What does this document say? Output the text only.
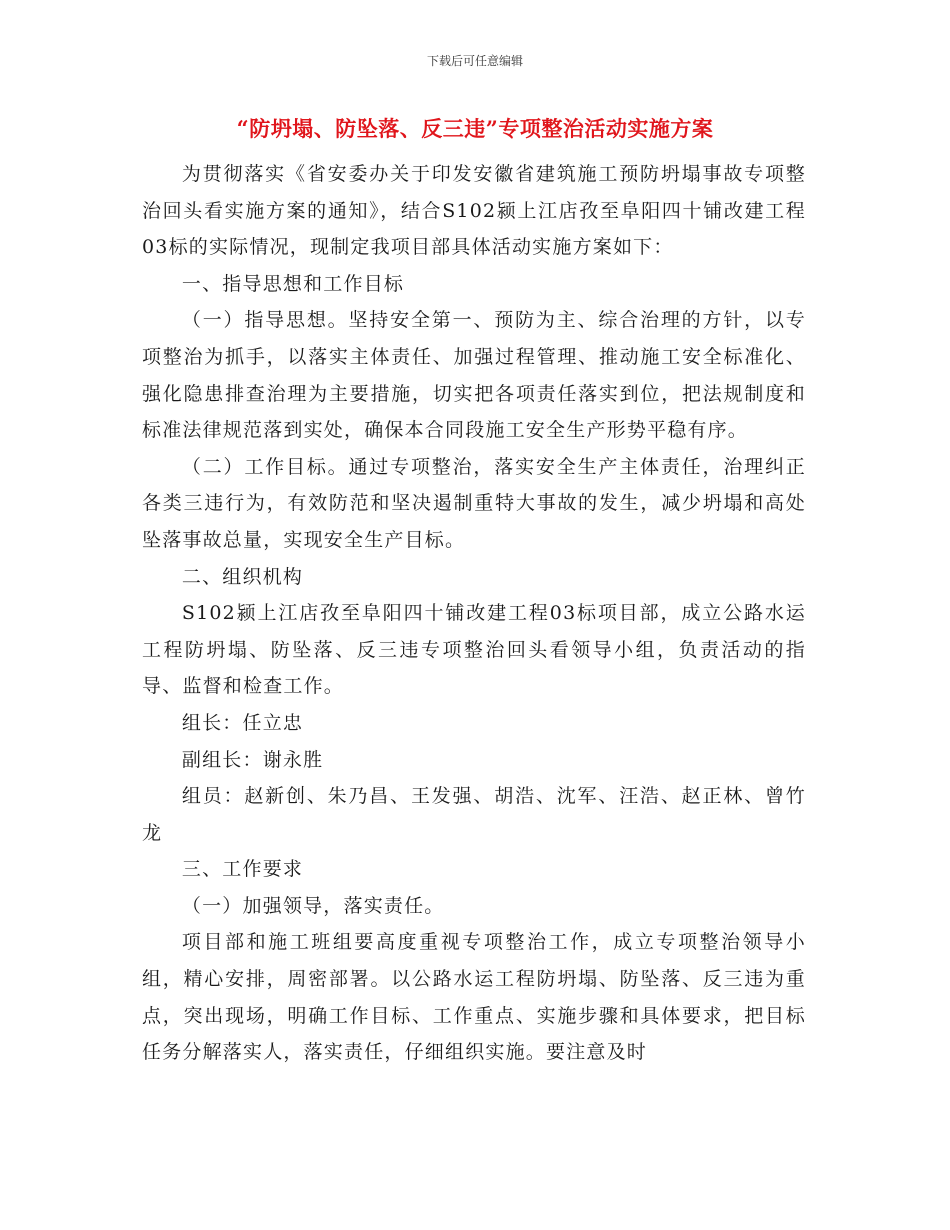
下载后可任意编辑
“防坍塌、防坠落、反三违”专项整治活动实施方案

为贯彻落实《省安委办关于印发安徽省建筑施工预防坍塌事故专项整治回头看实施方案的通知》，结合S102颍上江店孜至阜阳四十铺改建工程03标的实际情况，现制定我项目部具体活动实施方案如下：

一、指导思想和工作目标

（一）指导思想。坚持安全第一、预防为主、综合治理的方针，以专项整治为抓手，以落实主体责任、加强过程管理、推动施工安全标准化、强化隐患排查治理为主要措施，切实把各项责任落实到位，把法规制度和标准法律规范落到实处，确保本合同段施工安全生产形势平稳有序。

（二）工作目标。通过专项整治，落实安全生产主体责任，治理纠正各类三违行为，有效防范和坚决遏制重特大事故的发生，减少坍塌和高处坠落事故总量，实现安全生产目标。

二、组织机构

S102颍上江店孜至阜阳四十铺改建工程03标项目部，成立公路水运工程防坍塌、防坠落、反三违专项整治回头看领导小组，负责活动的指导、监督和检查工作。

组长：任立忠

副组长：谢永胜

组员：赵新创、朱乃昌、王发强、胡浩、沈军、汪浩、赵正林、曾竹龙

三、工作要求

（一）加强领导，落实责任。

项目部和施工班组要高度重视专项整治工作，成立专项整治领导小组，精心安排，周密部署。以公路水运工程防坍塌、防坠落、反三违为重点，突出现场，明确工作目标、工作重点、实施步骤和具体要求，把目标任务分解落实人，落实责任，仔细组织实施。要注意及时
